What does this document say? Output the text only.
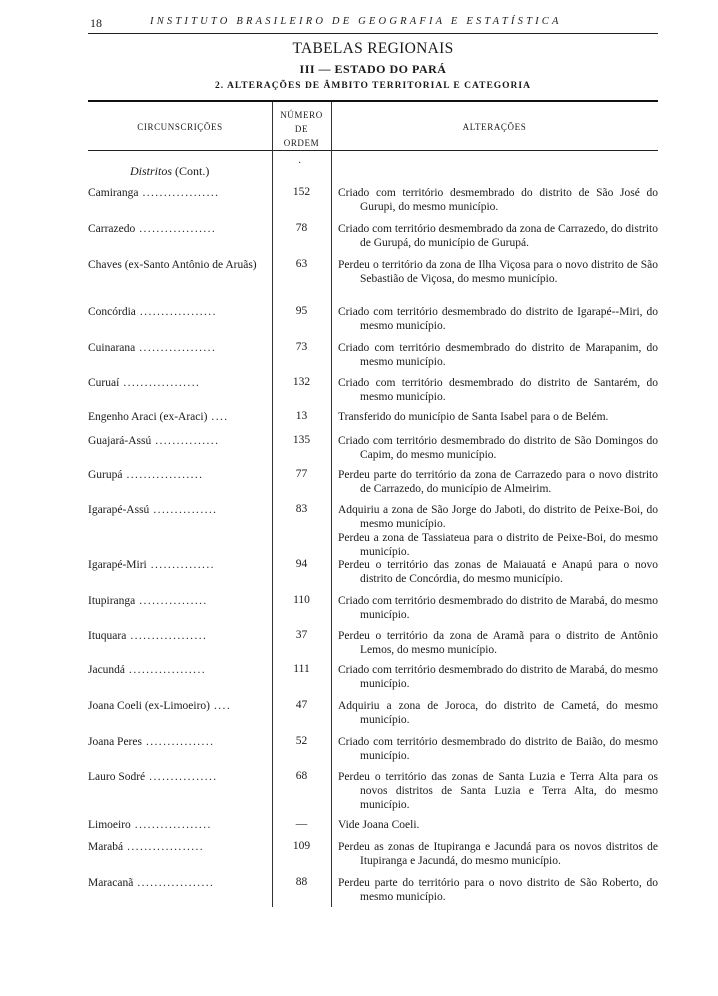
18	INSTITUTO BRASILEIRO DE GEOGRAFIA E ESTATÍSTICA
TABELAS REGIONAIS
III — ESTADO DO PARÁ
2. ALTERAÇÕES DE ÂMBITO TERRITORIAL E CATEGORIA
CIRCUNSCRIÇÕES
NÚMERO
DE
ORDEM
ALTERAÇÕES
Distritos (Cont.)
·
Camiranga ..................	152	Criado com território desmembrado do distrito de São José do Gurupi, do mesmo município.

Carrazedo ..................	78	Criado com território desmembrado da zona de Carrazedo, do distrito de Gurupá, do município de Gurupá.

Chaves (ex-Santo Antônio de Aruãs)	63	Perdeu o território da zona de Ilha Viçosa para o novo distrito de São Sebastião de Viçosa, do mesmo município.

Concórdia ..................	95	Criado com território desmembrado do distrito de Igarapé--Miri, do mesmo município.

Cuinarana ..................	73	Criado com território desmembrado do distrito de Marapanim, do mesmo município.

Curuaí ..................	132	Criado com território desmembrado do distrito de Santarém, do mesmo município.

Engenho Araci (ex-Araci) ....	13	Transferido do município de Santa Isabel para o de Belém.

Guajará-Assú ...............	135	Criado com território desmembrado do distrito de São Domingos do Capim, do mesmo município.

Gurupá ..................	77	Perdeu parte do território da zona de Carrazedo para o novo distrito de Carrazedo, do município de Almeirim.

Igarapé-Assú ...............	83	Adquiriu a zona de São Jorge do Jaboti, do distrito de Peixe-Boi, do mesmo município.

Perdeu a zona de Tassiateua para o distrito de Peixe-Boi, do mesmo município.

Igarapé-Miri ...............	94	Perdeu o território das zonas de Maiauatá e Anapú para o novo distrito de Concórdia, do mesmo município.

Itupiranga ................	110	Criado com território desmembrado do distrito de Marabá, do mesmo município.

Ituquara ..................	37	Perdeu o território da zona de Aramã para o distrito de Antônio Lemos, do mesmo município.

Jacundá ..................	111	Criado com território desmembrado do distrito de Marabá, do mesmo município.

Joana Coeli (ex-Limoeiro) ....	47	Adquiriu a zona de Joroca, do distrito de Cametá, do mesmo município.

Joana Peres ................	52	Criado com território desmembrado do distrito de Baião, do mesmo município.

Lauro Sodré ................	68	Perdeu o território das zonas de Santa Luzia e Terra Alta para os novos distritos de Santa Luzia e Terra Alta, do mesmo município.

Limoeiro ..................	—	Vide Joana Coeli.

Marabá ..................	109	Perdeu as zonas de Itupiranga e Jacundá para os novos distritos de Itupiranga e Jacundá, do mesmo município.

Maracanã ..................	88	Perdeu parte do território para o novo distrito de São Roberto, do mesmo município.
